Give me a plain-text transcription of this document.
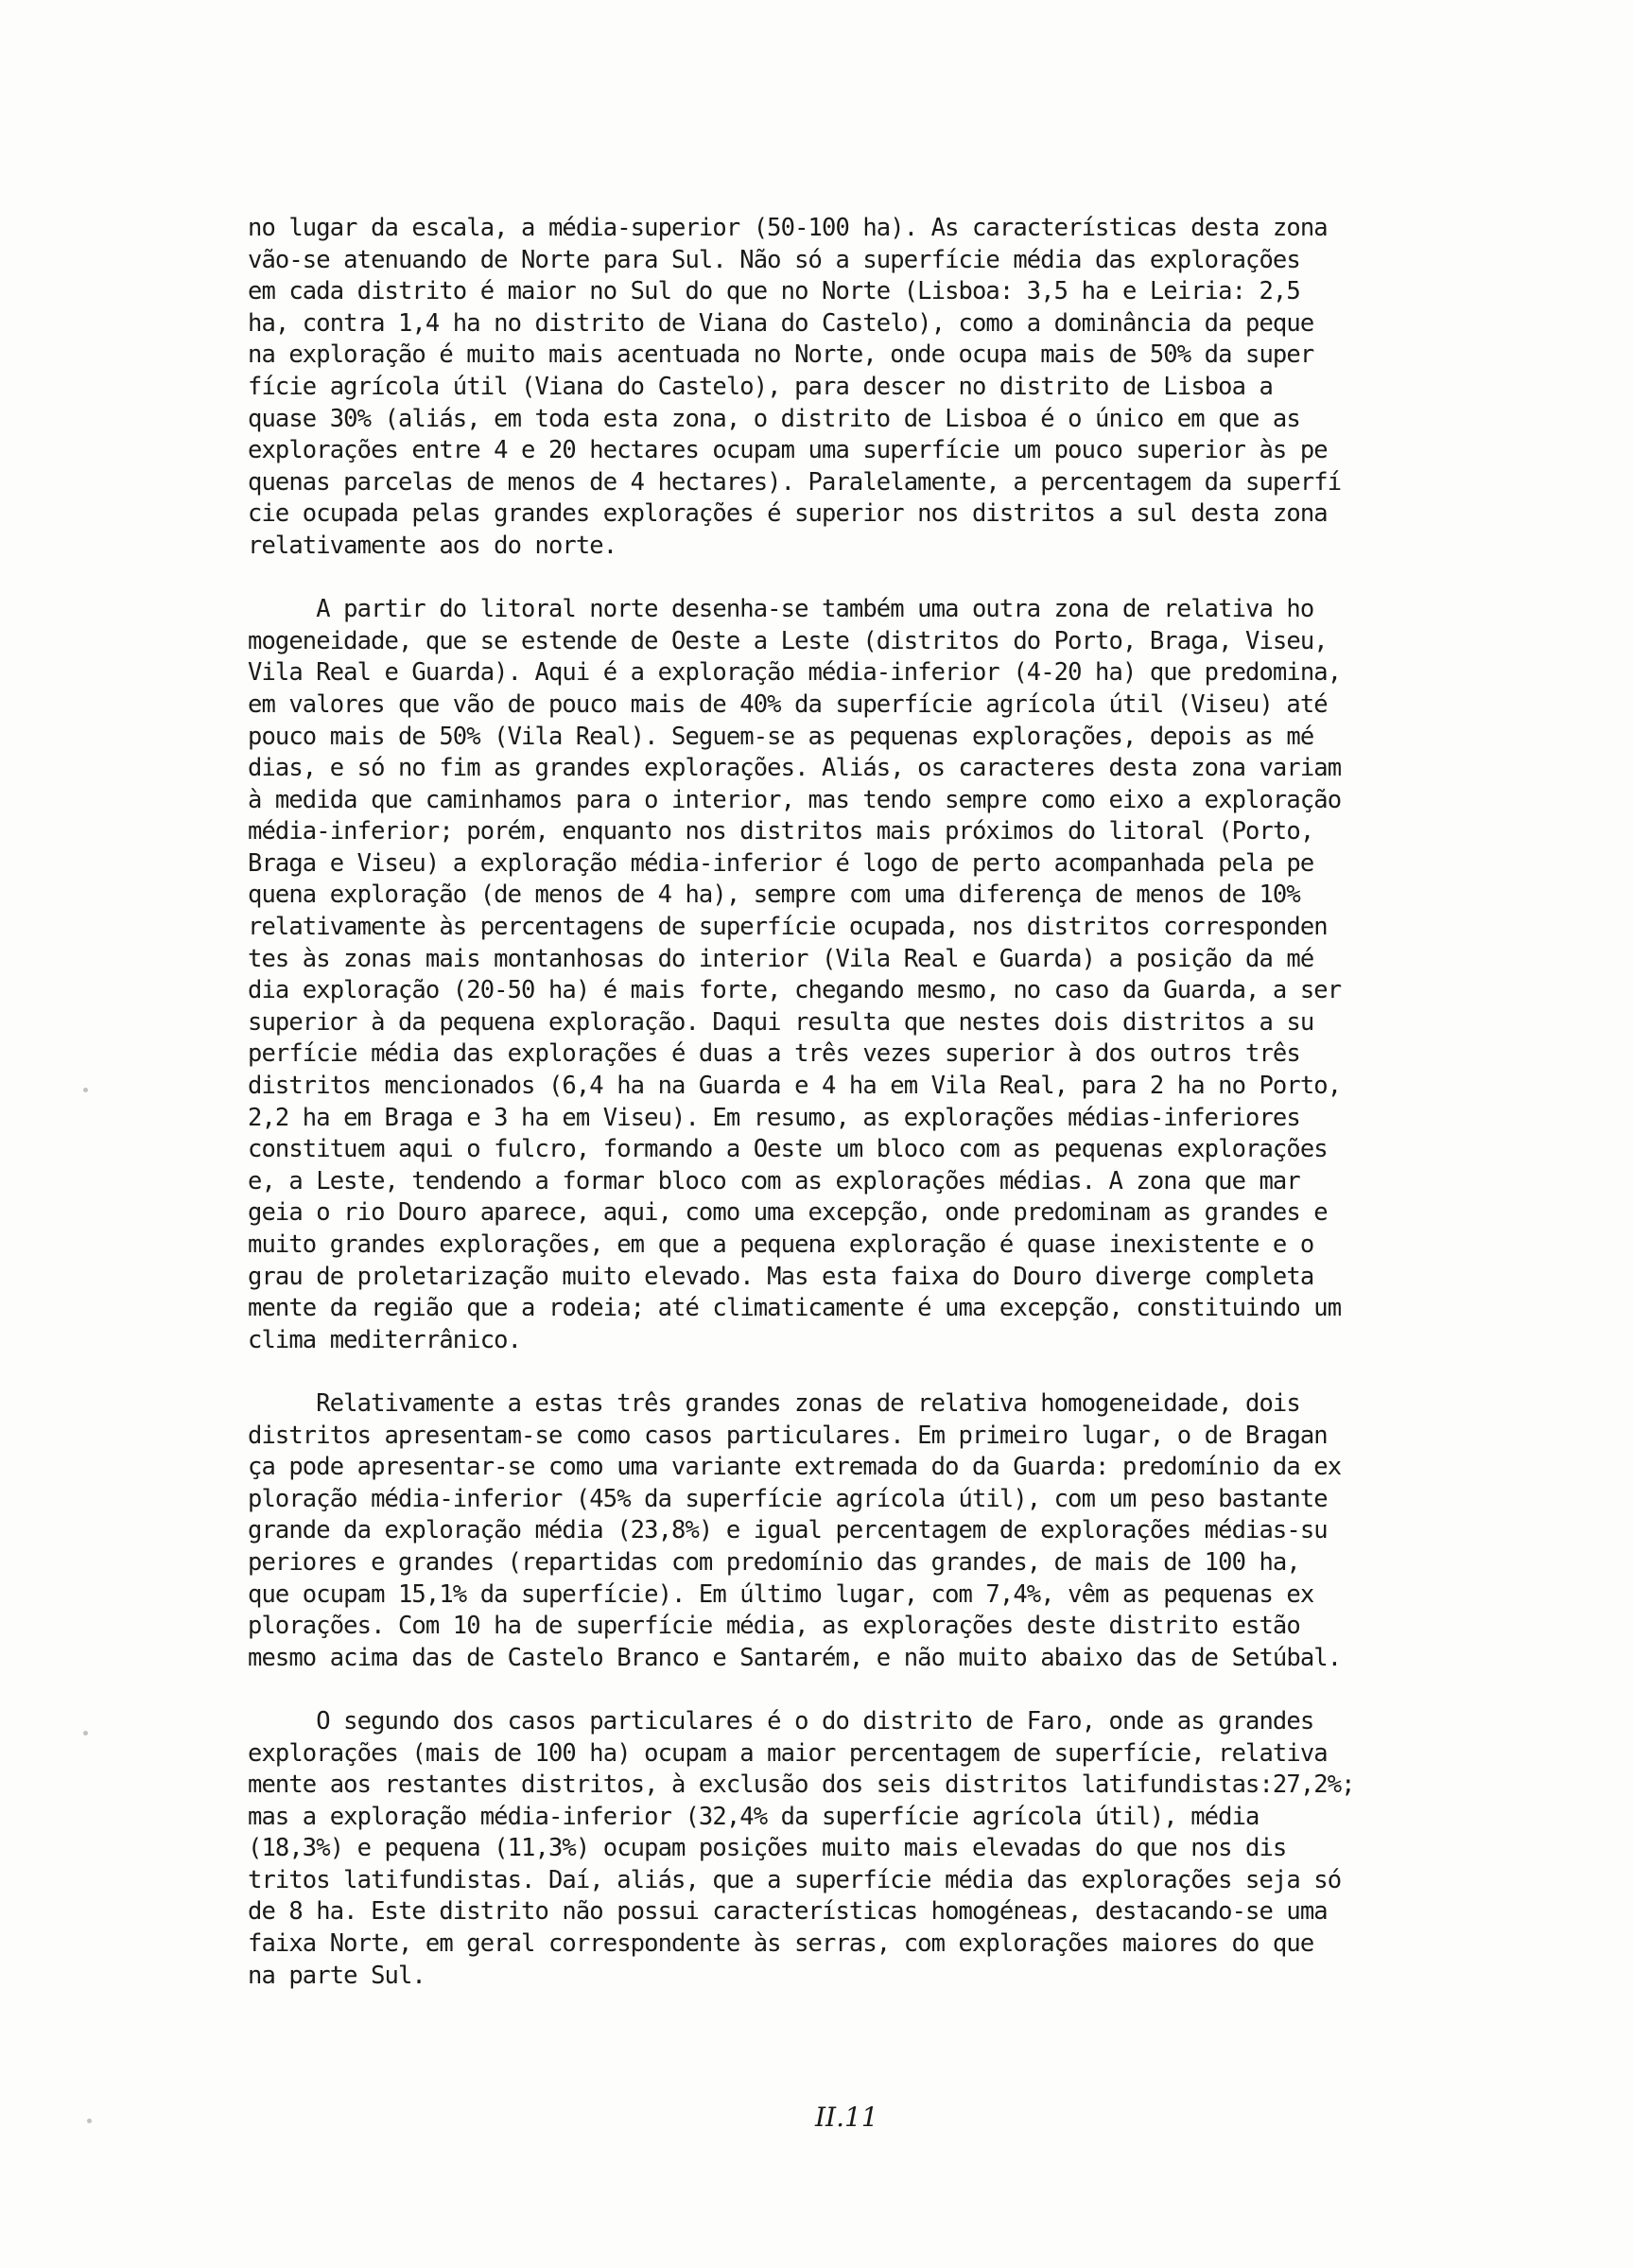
no lugar da escala, a média-superior (50-100 ha). As características desta zona
vão-se atenuando de Norte para Sul. Não só a superfície média das explorações
em cada distrito é maior no Sul do que no Norte (Lisboa: 3,5 ha e Leiria: 2,5
ha, contra 1,4 ha no distrito de Viana do Castelo), como a dominância da peque
na exploração é muito mais acentuada no Norte, onde ocupa mais de 50% da super
fície agrícola útil (Viana do Castelo), para descer no distrito de Lisboa a
quase 30% (aliás, em toda esta zona, o distrito de Lisboa é o único em que as
explorações entre 4 e 20 hectares ocupam uma superfície um pouco superior às pe
quenas parcelas de menos de 4 hectares). Paralelamente, a percentagem da superfí
cie ocupada pelas grandes explorações é superior nos distritos a sul desta zona
relativamente aos do norte.
A partir do litoral norte desenha-se também uma outra zona de relativa ho
mogeneidade, que se estende de Oeste a Leste (distritos do Porto, Braga, Viseu,
Vila Real e Guarda). Aqui é a exploração média-inferior (4-20 ha) que predomina,
em valores que vão de pouco mais de 40% da superfície agrícola útil (Viseu) até
pouco mais de 50% (Vila Real). Seguem-se as pequenas explorações, depois as mé
dias, e só no fim as grandes explorações. Aliás, os caracteres desta zona variam
à medida que caminhamos para o interior, mas tendo sempre como eixo a exploração
média-inferior; porém, enquanto nos distritos mais próximos do litoral (Porto,
Braga e Viseu) a exploração média-inferior é logo de perto acompanhada pela pe
quena exploração (de menos de 4 ha), sempre com uma diferença de menos de 10%
relativamente às percentagens de superfície ocupada, nos distritos corresponden
tes às zonas mais montanhosas do interior (Vila Real e Guarda) a posição da mé
dia exploração (20-50 ha) é mais forte, chegando mesmo, no caso da Guarda, a ser
superior à da pequena exploração. Daqui resulta que nestes dois distritos a su
perfície média das explorações é duas a três vezes superior à dos outros três
distritos mencionados (6,4 ha na Guarda e 4 ha em Vila Real, para 2 ha no Porto,
2,2 ha em Braga e 3 ha em Viseu). Em resumo, as explorações médias-inferiores
constituem aqui o fulcro, formando a Oeste um bloco com as pequenas explorações
e, a Leste, tendendo a formar bloco com as explorações médias. A zona que mar
geia o rio Douro aparece, aqui, como uma excepção, onde predominam as grandes e
muito grandes explorações, em que a pequena exploração é quase inexistente e o
grau de proletarização muito elevado. Mas esta faixa do Douro diverge completa
mente da região que a rodeia; até climaticamente é uma excepção, constituindo um
clima mediterrânico.
Relativamente a estas três grandes zonas de relativa homogeneidade, dois
distritos apresentam-se como casos particulares. Em primeiro lugar, o de Bragan
ça pode apresentar-se como uma variante extremada do da Guarda: predomínio da ex
ploração média-inferior (45% da superfície agrícola útil), com um peso bastante
grande da exploração média (23,8%) e igual percentagem de explorações médias-su
periores e grandes (repartidas com predomínio das grandes, de mais de 100 ha,
que ocupam 15,1% da superfície). Em último lugar, com 7,4%, vêm as pequenas ex
plorações. Com 10 ha de superfície média, as explorações deste distrito estão
mesmo acima das de Castelo Branco e Santarém, e não muito abaixo das de Setúbal.
O segundo dos casos particulares é o do distrito de Faro, onde as grandes
explorações (mais de 100 ha) ocupam a maior percentagem de superfície, relativa
mente aos restantes distritos, à exclusão dos seis distritos latifundistas:27,2%;
mas a exploração média-inferior (32,4% da superfície agrícola útil), média
(18,3%) e pequena (11,3%) ocupam posições muito mais elevadas do que nos dis
tritos latifundistas. Daí, aliás, que a superfície média das explorações seja só
de 8 ha. Este distrito não possui características homogéneas, destacando-se uma
faixa Norte, em geral correspondente às serras, com explorações maiores do que
na parte Sul.
II.11
